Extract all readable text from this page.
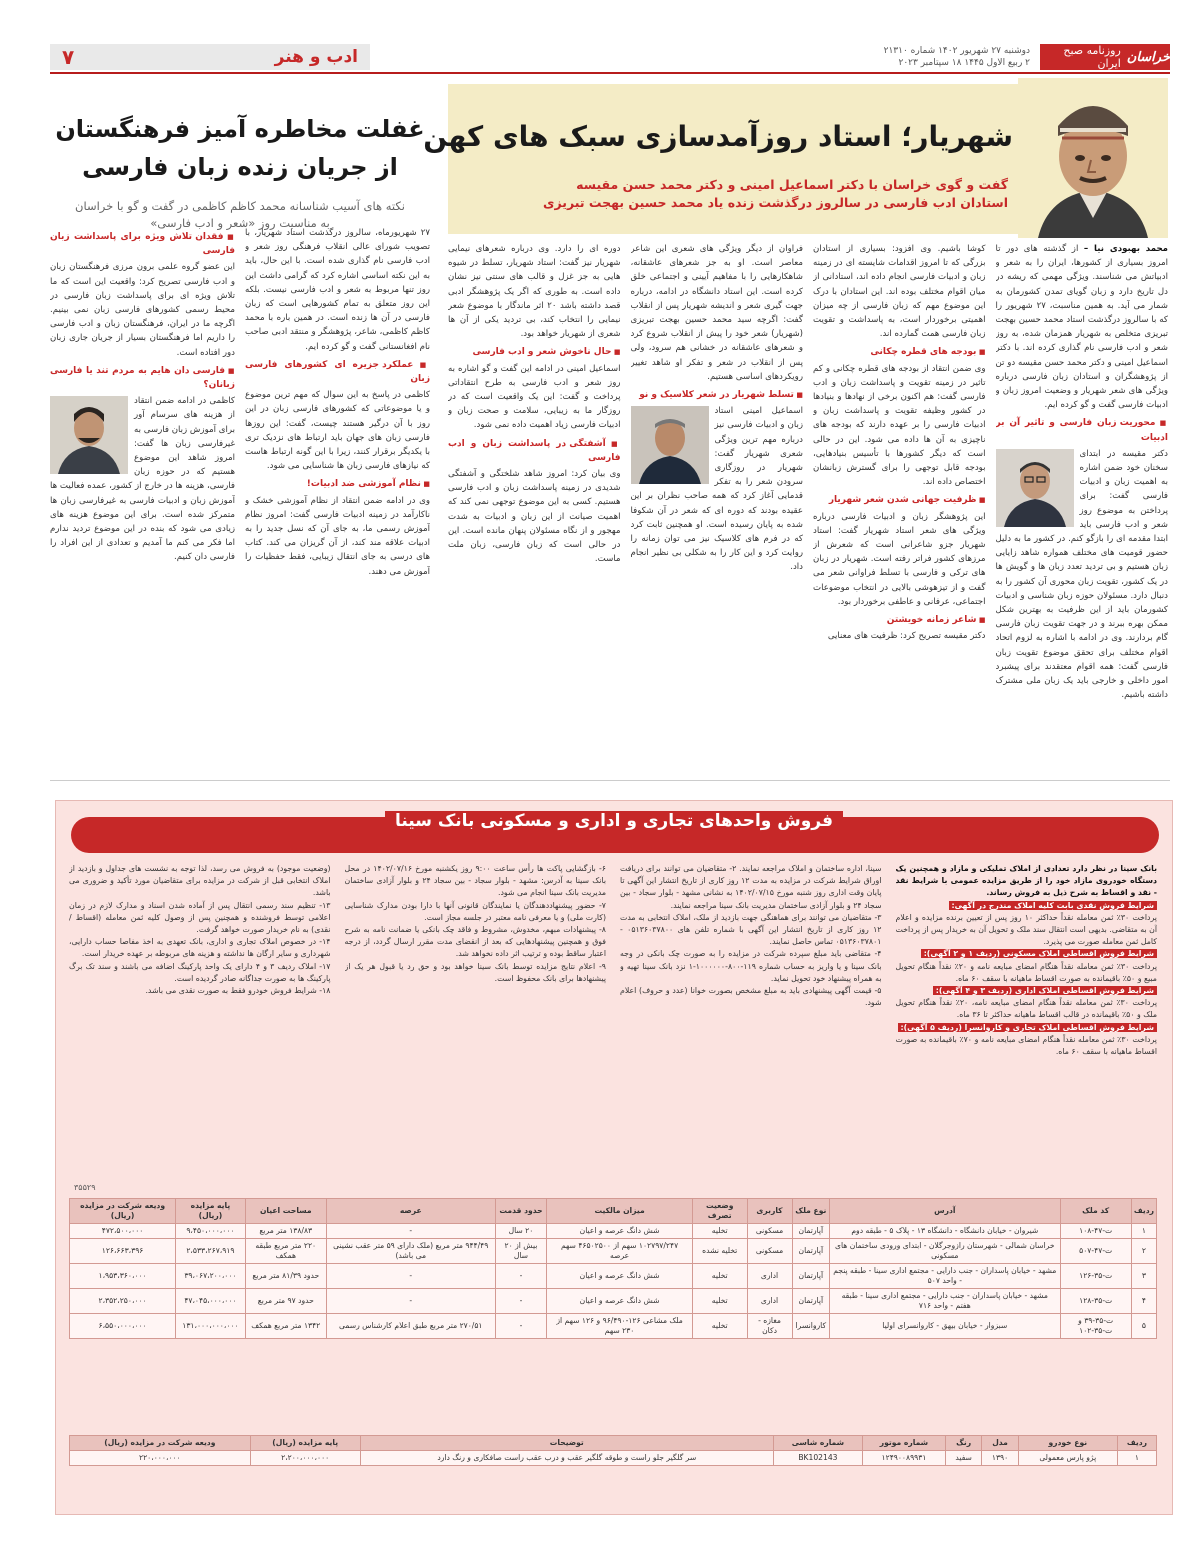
خراسان
روزنامه صبح ایران
دوشنبه ۲۷ شهریور ۱۴۰۲ شماره ۲۱۳۱۰
۲ ربیع الاول ۱۴۴۵ ۱۸ سپتامبر ۲۰۲۳
ادب و هنر
۷
شهریار؛ استاد روزآمدسازی سبک های کهن
گفت و گوی خراسان با دکتر اسماعیل امینی و دکتر محمد حسن مقیسه
استادان ادب فارسی در سالروز درگذشت زنده یاد محمد حسین بهجت تبریزی

محمد بهبودی نیا – از گذشته های دور تا امروز بسیاری از کشورها، ایران را به شعر و ادبیاتش می شناسند. ویژگی مهمی که ریشه در دل تاریخ دارد و زبان گویای تمدن کشورمان به شمار می آید. به همین مناسبت، ۲۷ شهریور را که با سالروز درگذشت استاد محمد حسین بهجت تبریزی متخلص به شهریار همزمان شده، به روز شعر و ادب فارسی نام گذاری کرده اند. با دکتر اسماعیل امینی و دکتر محمد حسن مقیسه دو تن از پژوهشگران و استادان زبان فارسی درباره ویژگی های شعر شهریار و وضعیت امروز زبان و ادبیات فارسی گفت و گو کرده ایم.

■ محوریت زبان فارسی و تاثیر آن بر ادبیات

دکتر مقیسه در ابتدای سخنان خود ضمن اشاره به اهمیت زبان و ادبیات فارسی گفت: برای پرداختن به موضوع روز شعر و ادب فارسی باید ابتدا مقدمه ای را بازگو کنم. در کشور ما به دلیل حضور قومیت های مختلف همواره شاهد زایایی زبان هستیم و بی تردید تعدد زبان ها و گویش ها در یک کشور، تقویت زبان محوری آن کشور را به دنبال دارد. مسئولان حوزه زبان شناسی و ادبیات کشورمان باید از این ظرفیت به بهترین شکل ممکن بهره ببرند و در جهت تقویت زبان فارسی گام بردارند. وی در ادامه با اشاره به لزوم اتحاد اقوام مختلف برای تحقق موضوع تقویت زبان فارسی گفت: همه اقوام معتقدند برای پیشبرد امور داخلی و خارجی باید یک زبان ملی مشترک داشته باشیم.

کوشا باشیم. وی افزود: بسیاری از استادان بزرگی که تا امروز اقدامات شایسته ای در زمینه زبان و ادبیات فارسی انجام داده اند، استادانی از میان اقوام مختلف بوده اند. این استادان با درک این موضوع مهم که زبان فارسی از چه میزان اهمیتی برخوردار است، به پاسداشت و تقویت زبان فارسی همت گمارده اند.

■ بودجه های قطره چکانی

وی ضمن انتقاد از بودجه های قطره چکانی و کم تاثیر در زمینه تقویت و پاسداشت زبان و ادب فارسی گفت: هم اکنون برخی از نهادها و بنیادها در کشور وظیفه تقویت و پاسداشت زبان و ادبیات فارسی را بر عهده دارند که بودجه های ناچیزی به آن ها داده می شود. این در حالی است که دیگر کشورها با تأسیس بنیادهایی، بودجه قابل توجهی را برای گسترش زبانشان اختصاص داده اند.

■ ظرفیت جهانی شدن شعر شهریار

این پژوهشگر زبان و ادبیات فارسی درباره ویژگی های شعر استاد شهریار گفت: استاد شهریار جزو شاعرانی است که شعرش از مرزهای کشور فراتر رفته است. شهریار در زبان های ترکی و فارسی با تسلط فراوانی شعر می گفت و از تیزهوشی بالایی در انتخاب موضوعات اجتماعی، عرفانی و عاطفی برخوردار بود.

■ شاعر زمانه خویشتن

دکتر مقیسه تصریح کرد: ظرفیت های معنایی

فراوان از دیگر ویژگی های شعری این شاعر معاصر است. او به جز شعرهای عاشقانه، شاهکارهایی را با مفاهیم آیینی و اجتماعی خلق کرده است. این استاد دانشگاه در ادامه، درباره جهت گیری شعر و اندیشه شهریار پس از انقلاب گفت: اگرچه سید محمد حسین بهجت تبریزی (شهریار) شعر خود را پیش از انقلاب شروع کرد و شعرهای عاشقانه در خشانی هم سرود، ولی پس از انقلاب در شعر و تفکر او شاهد تغییر رویکردهای اساسی هستیم.

■ تسلط شهریار در شعر کلاسیک و نو

اسماعیل امینی استاد زبان و ادبیات فارسی نیز درباره مهم ترین ویژگی شعری شهریار گفت: شهریار در روزگاری سرودن شعر را به تفکر قدمایی آغاز کرد که همه صاحب نظران بر این عقیده بودند که دوره ای که شعر در آن شکوفا شده به پایان رسیده است. او همچنین ثابت کرد که در فرم های کلاسیک نیز می توان زمانه را روایت کرد و این کار را به شکلی بی نظیر انجام داد.

دوره ای را دارد. وی درباره شعرهای نیمایی شهریار نیز گفت: استاد شهریار، تسلط در شیوه هایی به جز غزل و قالب های سنتی نیز نشان داده است. به طوری که اگر یک پژوهشگر ادبی قصد داشته باشد ۲۰ اثر ماندگار با موضوع شعر نیمایی را انتخاب کند، بی تردید یکی از آن ها شعری از شهریار خواهد بود.

■ حال ناخوش شعر و ادب فارسی

اسماعیل امینی در ادامه این گفت و گو اشاره به روز شعر و ادب فارسی به طرح انتقاداتی پرداخت و گفت: این یک واقعیت است که در روزگار ما به زیبایی، سلامت و صحت زبان و ادبیات فارسی زیاد اهمیت داده نمی شود.

■ آشفتگی در پاسداشت زبان و ادب فارسی

وی بیان کرد: امروز شاهد شلختگی و آشفتگی شدیدی در زمینه پاسداشت زبان و ادب فارسی هستیم. کسی به این موضوع توجهی نمی کند که اهمیت صیانت از این زبان و ادبیات به شدت مهجور و از نگاه مسئولان پنهان مانده است. این در حالی است که زبان فارسی، زبان ملت ماست.

غفلت مخاطره آمیز فرهنگستان
از جریان زنده زبان فارسی
نکته های آسیب شناسانه محمد کاظم کاظمی در گفت و گو با خراسان
به مناسبت روز «شعر و ادب فارسی»

۲۷ شهریورماه، سالروز درگذشت استاد شهریار، با تصویب شورای عالی انقلاب فرهنگی روز شعر و ادب فارسی نام گذاری شده است. با این حال، باید به این نکته اساسی اشاره کرد که گرامی داشت این روز تنها مربوط به شعر و ادب فارسی نیست. بلکه این روز متعلق به تمام کشورهایی است که زبان فارسی در آن ها زنده است. در همین باره با محمد کاظم کاظمی، شاعر، پژوهشگر و منتقد ادبی صاحب نام افغانستانی گفت و گو کرده ایم.

■ عملکرد جزیره ای کشورهای فارسی زبان

کاظمی در پاسخ به این سوال که مهم ترین موضوع و یا موضوعاتی که کشورهای فارسی زبان در این روز با آن درگیر هستند چیست، گفت: این روزها فارسی زبان های جهان باید ارتباط های نزدیک تری با یکدیگر برقرار کنند، زیرا با این گونه ارتباط هاست که نیازهای فارسی زبان ها شناسایی می شود.

■ نظام آموزشی ضد ادبیات!

وی در ادامه ضمن انتقاد از نظام آموزشی خشک و ناکارآمد در زمینه ادبیات فارسی گفت: امروز نظام آموزش رسمی ما، به جای آن که نسل جدید را به ادبیات علاقه مند کند، از آن گریزان می کند. کتاب های درسی به جای انتقال زیبایی، فقط حفظیات را آموزش می دهند.

■ فقدان تلاش ویژه برای پاسداشت زبان فارسی

این عضو گروه علمی برون مرزی فرهنگستان زبان و ادب فارسی تصریح کرد: واقعیت این است که ما تلاش ویژه ای برای پاسداشت زبان فارسی در محیط رسمی کشورهای فارسی زبان نمی بینیم. اگرچه ما در ایران، فرهنگستان زبان و ادب فارسی را داریم اما فرهنگستان بسیار از جریان جاری زبان دور افتاده است.

■ فارسی دان هایم به مردم تند یا فارسی زبانان؟

کاظمی در ادامه ضمن انتقاد از هزینه های سرسام آور برای آموزش زبان فارسی به غیرفارسی زبان ها گفت: امروز شاهد این موضوع هستیم که در حوزه زبان فارسی، هزینه ها در خارج از کشور، عمده فعالیت ها آموزش زبان و ادبیات فارسی به غیرفارسی زبان ها متمرکز شده است. برای این موضوع هزینه های زیادی می شود که بنده در این موضوع تردید ندارم اما فکر می کنم ما آمدیم و تعدادی از این افراد را فارسی دان کنیم.

فروش واحدهای تجاری و اداری و مسکونی بانک سینا

بانک سینا در نظر دارد تعدادی از املاک تملیکی و مازاد و همچنین یک دستگاه خودروی مازاد خود را از طریق مزایده عمومی با شرایط نقد - نقد و اقساط به شرح ذیل به فروش رساند.

شرایط فروش نقدی بابت کلیه املاک مندرج در آگهی:

پرداخت ۳۰٪ ثمن معامله نقداً حداکثر ۱۰ روز پس از تعیین برنده مزایده و اعلام آن به متقاضی. بدیهی است انتقال سند ملک و تحویل آن به خریدار پس از پرداخت کامل ثمن معامله صورت می پذیرد.

شرایط فروش اقساطی املاک مسکونی (ردیف ۱ و ۲ آگهی):

پرداخت ۳۰٪ ثمن معامله نقداً هنگام امضای مبایعه نامه و ۲۰٪ نقداً هنگام تحویل مبیع و ۵۰٪ باقیمانده به صورت اقساط ماهیانه با سقف ۶۰ ماه.

شرایط فروش اقساطی املاک اداری (ردیف ۳ و ۴ آگهی):

پرداخت ۳۰٪ ثمن معامله نقداً هنگام امضای مبایعه نامه، ۲۰٪ نقداً هنگام تحویل ملک و ۵۰٪ باقیمانده در قالب اقساط ماهیانه حداکثر تا ۳۶ ماه.

شرایط فروش اقساطی املاک تجاری و کاروانسرا (ردیف ۵ آگهی):

پرداخت ۳۰٪ ثمن معامله نقداً هنگام امضای مبایعه نامه و ۷۰٪ باقیمانده به صورت اقساط ماهیانه با سقف ۶۰ ماه.

سینا، اداره ساختمان و املاک مراجعه نمایند. ۲- متقاضیان می توانند برای دریافت اوراق شرایط شرکت در مزایده به مدت ۱۲ روز کاری از تاریخ انتشار این آگهی تا پایان وقت اداری روز شنبه مورخ ۱۴۰۲/۰۷/۱۵ به نشانی مشهد - بلوار سجاد - بین سجاد ۲۴ و بلوار آزادی ساختمان مدیریت بانک سینا مراجعه نمایند.

۳- متقاضیان می توانند برای هماهنگی جهت بازدید از ملک، املاک انتخابی به مدت ۱۲ روز کاری از تاریخ انتشار این آگهی با شماره تلفن های ۰۵۱۳۶۰۳۷۸۰۰ - ۰۵۱۳۶۰۳۷۸۰۱ تماس حاصل نمایند.

۴- متقاضی باید مبلغ سپرده شرکت در مزایده را به صورت چک بانکی در وجه بانک سینا و یا واریز به حساب شماره ۱۱۹-۸۰۰-۱۰۰۰۰۰۰-۱ نزد بانک سینا تهیه و به همراه پیشنهاد خود تحویل نماید.

۵- قیمت آگهی پیشنهادی باید به مبلغ مشخص بصورت خوانا (عدد و حروف) اعلام شود.

۶- بازگشایی پاکت ها رأس ساعت ۹:۰۰ روز یکشنبه مورخ ۱۴۰۲/۰۷/۱۶ در محل بانک سینا به آدرس: مشهد - بلوار سجاد - بین سجاد ۲۴ و بلوار آزادی ساختمان مدیریت بانک سینا انجام می شود.

۷- حضور پیشنهاددهندگان یا نمایندگان قانونی آنها با دارا بودن مدارک شناسایی (کارت ملی) و یا معرفی نامه معتبر در جلسه مجاز است.

۸- پیشنهادات مبهم، مخدوش، مشروط و فاقد چک بانکی یا ضمانت نامه به شرح فوق و همچنین پیشنهادهایی که بعد از انقضای مدت مقرر ارسال گردد، از درجه اعتبار ساقط بوده و ترتیب اثر داده نخواهد شد.

۹- اعلام نتایج مزایده توسط بانک سینا خواهد بود و حق رد یا قبول هر یک از پیشنهادها برای بانک محفوظ است.

(وضعیت موجود) به فروش می رسد، لذا توجه به نشست های جداول و بازدید از املاک انتخابی قبل از شرکت در مزایده برای متقاضیان مورد تأکید و ضروری می باشد.

۱۳- تنظیم سند رسمی انتقال پس از آماده شدن اسناد و مدارک لازم در زمان اعلامی توسط فروشنده و همچنین پس از وصول کلیه ثمن معامله (اقساط / نقدی) به نام خریدار صورت خواهد گرفت.

۱۴- در خصوص املاک تجاری و اداری، بانک تعهدی به اخذ مفاصا حساب دارایی، شهرداری و سایر ارگان ها نداشته و هزینه های مربوطه بر عهده خریدار است.

۱۷- املاک ردیف ۳ و ۴ دارای یک واحد پارکینگ اضافه می باشند و سند تک برگ پارکینگ ها به صورت جداگانه صادر گردیده است.

۱۸- شرایط فروش خودرو فقط به صورت نقدی می باشد.

۳۵۵۲۹
ردیف	کد ملک	آدرس	نوع ملک	کاربری	وضعیت تصرف	میزان مالکیت	حدود قدمت	عرصه	مساحت اعیان	پایه مزایده (ریال)	ودیعه شرکت در مزایده (ریال)
۱	ت-۴۷-۱۰۸	شیروان - خیابان دانشگاه - دانشگاه ۱۳ - پلاک ۵ - طبقه دوم	آپارتمان	مسکونی	تخلیه	شش دانگ عرصه و اعیان	۲۰ سال	-	۱۳۸/۸۳ متر مربع	۹،۴۵۰،۰۰۰،۰۰۰	۴۷۲،۵۰۰،۰۰۰
۲	ت-۴۷-۵۰۷	خراسان شمالی - شهرستان رازوجرگلان - ابتدای ورودی ساختمان های مسکونی	آپارتمان	مسکونی	تخلیه نشده	۱۰۲۷۹۷/۲۴۷ سهم از ۴۶۵۰۲۵۰۰ سهم عرصه	بیش از ۲۰ سال	۹۴۴/۴۹ متر مربع (ملک دارای ۵۹ متر عقب نشینی می باشد)	۲۲۰ متر مربع طبقه همکف	۲،۵۳۳،۲۶۷،۹۱۹	۱۲۶،۶۶۳،۳۹۶
۳	ت-۳۵-۱۲۶	مشهد - خیابان پاسداران - جنب دارایی - مجتمع اداری سینا - طبقه پنجم - واحد ۵۰۷	آپارتمان	اداری	تخلیه	شش دانگ عرصه و اعیان	-	-	حدود ۸۱/۳۹ متر مربع	۳۹،۰۶۷،۲۰۰،۰۰۰	۱،۹۵۳،۳۶۰،۰۰۰
۴	ت-۳۵-۱۲۸	مشهد - خیابان پاسداران - جنب دارایی - مجتمع اداری سینا - طبقه هفتم - واحد ۷۱۶	آپارتمان	اداری	تخلیه	شش دانگ عرصه و اعیان	-	-	حدود ۹۷ متر مربع	۴۷،۰۴۵،۰۰۰،۰۰۰	۲،۳۵۲،۲۵۰،۰۰۰
۵	ت-۳۵-۳۹ و ت-۳۵-۱۰۲	سبزوار - خیابان بیهق - کاروانسرای اولیا	کاروانسرا	مغازه - دکان	تخلیه	ملک مشاعی ۱۲۶-۹۶/۴۹۰ و ۱۲۶ سهم از ۲۳۰ سهم	-	۲۷۰/۵۱ متر مربع طبق اعلام کارشناس رسمی	۱۳۴۲ متر مربع همکف	۱۳۱،۰۰۰،۰۰۰،۰۰۰	۶،۵۵۰،۰۰۰،۰۰۰
ردیف	نوع خودرو	مدل	رنگ	شماره موتور	شماره شاسی	توضیحات	پایه مزایده (ریال)	ودیعه شرکت در مزایده (ریال)
۱	پژو پارس معمولی	۱۳۹۰	سفید	۱۲۴۹۰۰۸۹۹۳۱	BK102143	سر گلگیر جلو راست و طوقه گلگیر عقب و درب عقب راست صافکاری و رنگ دارد	۲،۲۰۰،۰۰۰،۰۰۰	۲۲۰،۰۰۰،۰۰۰
